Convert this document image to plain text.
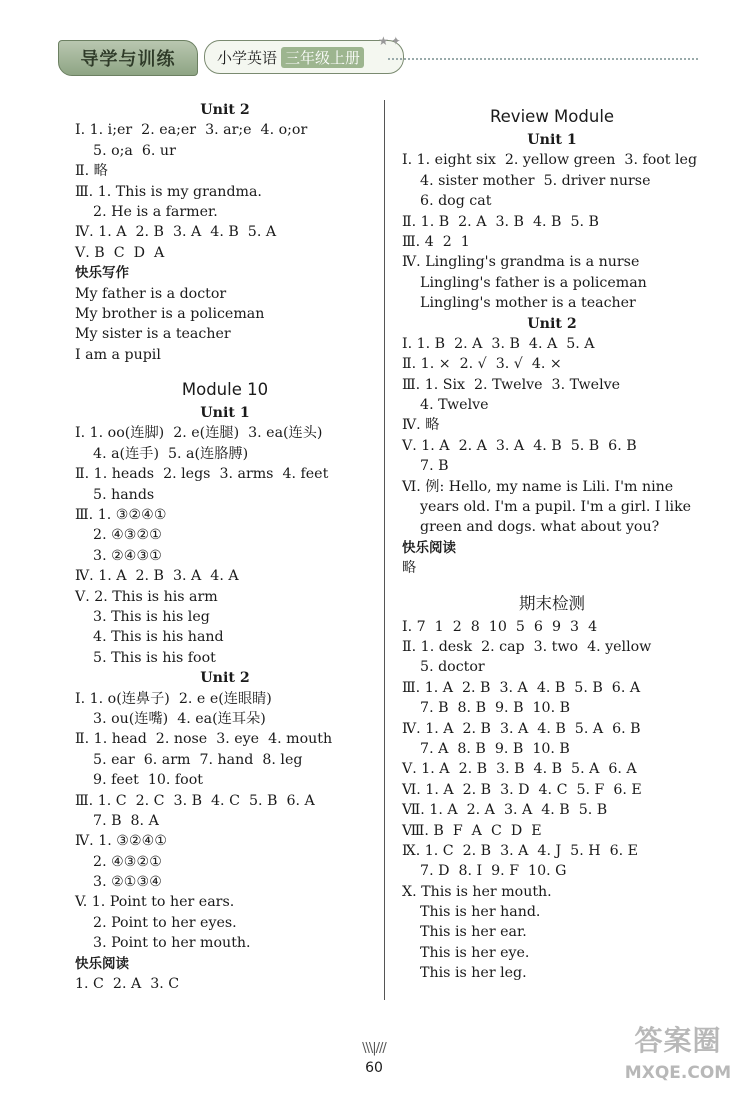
导学与训练	小学英语 三年级上册
★✦
Unit 2
Ⅰ. 1. i;er  2. ea;er  3. ar;e  4. o;or
5. o;a  6. ur
Ⅱ. 略
Ⅲ. 1. This is my grandma.
2. He is a farmer.
Ⅳ. 1. A  2. B  3. A  4. B  5. A
Ⅴ. B  C  D  A
快乐写作
My father is a doctor
My brother is a policeman
My sister is a teacher
I am a pupil
Module 10
Unit 1
Ⅰ. 1. oo(连脚)  2. e(连腿)  3. ea(连头)
4. a(连手)  5. a(连胳膊)
Ⅱ. 1. heads  2. legs  3. arms  4. feet
5. hands
Ⅲ. 1. ③②④①
2. ④③②①
3. ②④③①
Ⅳ. 1. A  2. B  3. A  4. A
Ⅴ. 2. This is his arm
3. This is his leg
4. This is his hand
5. This is his foot
Unit 2
Ⅰ. 1. o(连鼻子)  2. e e(连眼睛)
3. ou(连嘴)  4. ea(连耳朵)
Ⅱ. 1. head  2. nose  3. eye  4. mouth
5. ear  6. arm  7. hand  8. leg
9. feet  10. foot
Ⅲ. 1. C  2. C  3. B  4. C  5. B  6. A
7. B  8. A
Ⅳ. 1. ③②④①
2. ④③②①
3. ②①③④
V. 1. Point to her ears.
2. Point to her eyes.
3. Point to her mouth.
快乐阅读
1. C  2. A  3. C
Review Module
Unit 1
Ⅰ. 1. eight six  2. yellow green  3. foot leg
4. sister mother  5. driver nurse
6. dog cat
Ⅱ. 1. B  2. A  3. B  4. B  5. B
Ⅲ. 4  2  1
Ⅳ. Lingling's grandma is a nurse
Lingling's father is a policeman
Lingling's mother is a teacher
Unit 2
Ⅰ. 1. B  2. A  3. B  4. A  5. A
Ⅱ. 1. ×  2. √  3. √  4. ×
Ⅲ. 1. Six  2. Twelve  3. Twelve
4. Twelve
Ⅳ. 略
Ⅴ. 1. A  2. A  3. A  4. B  5. B  6. B
7. B
Ⅵ. 例: Hello, my name is Lili. I'm nine
years old. I'm a pupil. I'm a girl. I like
green and dogs. what about you?
快乐阅读
略
期末检测
Ⅰ. 7  1  2  8  10  5  6  9  3  4
Ⅱ. 1. desk  2. cap  3. two  4. yellow
5. doctor
Ⅲ. 1. A  2. B  3. A  4. B  5. B  6. A
7. B  8. B  9. B  10. B
Ⅳ. 1. A  2. B  3. A  4. B  5. A  6. B
7. A  8. B  9. B  10. B
Ⅴ. 1. A  2. B  3. B  4. B  5. A  6. A
Ⅵ. 1. A  2. B  3. D  4. C  5. F  6. E
Ⅶ. 1. A  2. A  3. A  4. B  5. B
Ⅷ. B  F  A  C  D  E
Ⅸ. 1. C  2. B  3. A  4. J  5. H  6. E
7. D  8. I  9. F  10. G
Ⅹ. This is her mouth.
This is her hand.
This is her ear.
This is her eye.
This is her leg.
\\\|///
60
答案圈
MXQE.COM
